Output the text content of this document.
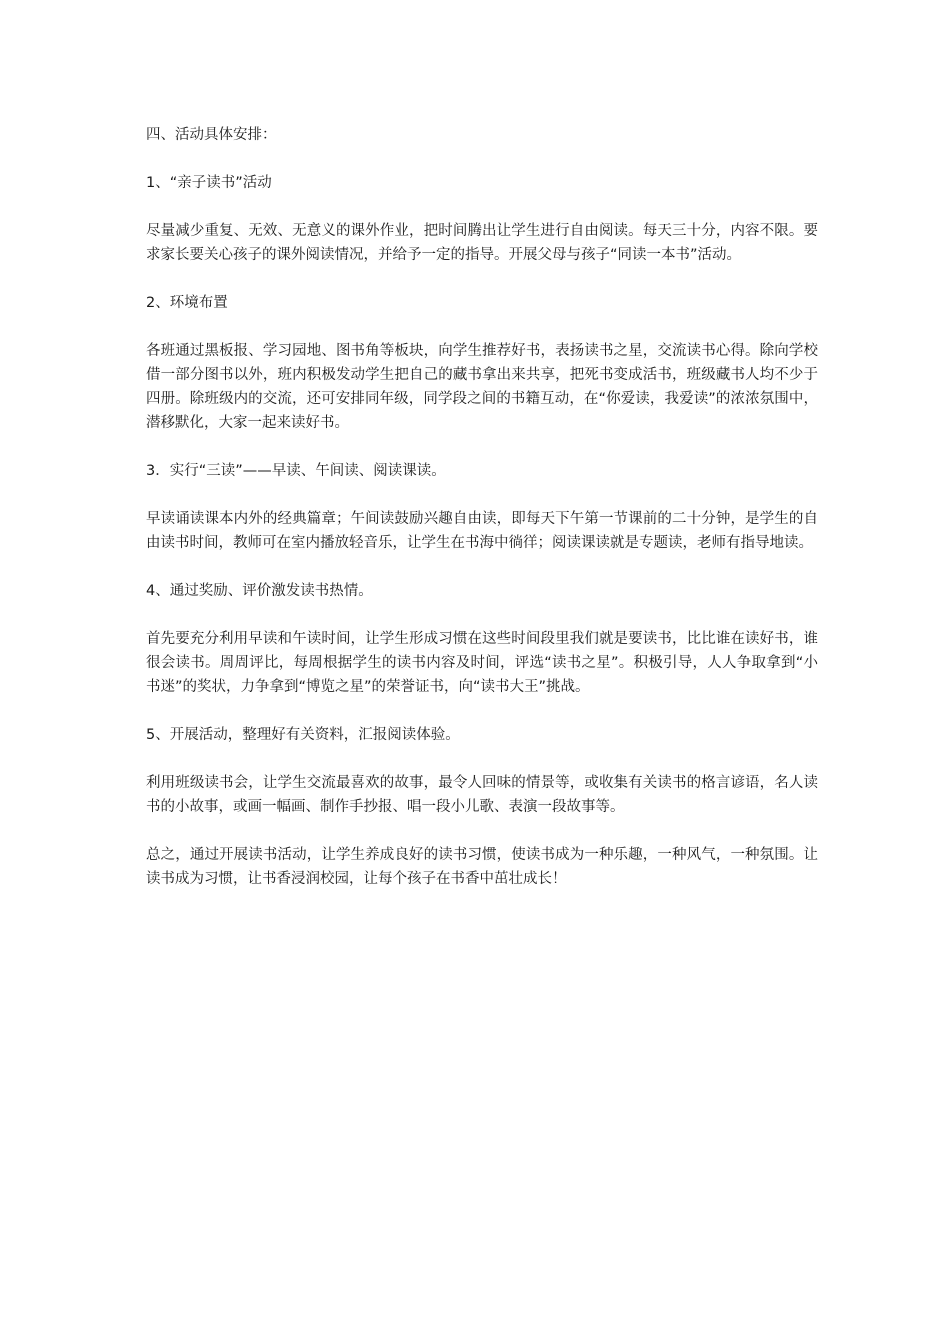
四、活动具体安排：

1、“亲子读书”活动

尽量减少重复、无效、无意义的课外作业，把时间腾出让学生进行自由阅读。每天三十分，内容不限。要求家长要关心孩子的课外阅读情况，并给予一定的指导。开展父母与孩子“同读一本书”活动。

2、环境布置

各班通过黑板报、学习园地、图书角等板块，向学生推荐好书，表扬读书之星，交流读书心得。除向学校借一部分图书以外，班内积极发动学生把自己的藏书拿出来共享，把死书变成活书，班级藏书人均不少于四册。除班级内的交流，还可安排同年级，同学段之间的书籍互动，在“你爱读，我爱读”的浓浓氛围中，潜移默化，大家一起来读好书。

3．实行“三读”——早读、午间读、阅读课读。

早读诵读课本内外的经典篇章；午间读鼓励兴趣自由读，即每天下午第一节课前的二十分钟，是学生的自由读书时间，教师可在室内播放轻音乐，让学生在书海中徜徉；阅读课读就是专题读，老师有指导地读。

4、通过奖励、评价激发读书热情。

首先要充分利用早读和午读时间，让学生形成习惯在这些时间段里我们就是要读书，比比谁在读好书，谁很会读书。周周评比，每周根据学生的读书内容及时间，评选“读书之星”。积极引导，人人争取拿到“小书迷”的奖状，力争拿到“博览之星”的荣誉证书，向“读书大王”挑战。

5、开展活动，整理好有关资料，汇报阅读体验。

利用班级读书会，让学生交流最喜欢的故事，最令人回味的情景等，或收集有关读书的格言谚语，名人读书的小故事，或画一幅画、制作手抄报、唱一段小儿歌、表演一段故事等。

总之，通过开展读书活动，让学生养成良好的读书习惯，使读书成为一种乐趣，一种风气，一种氛围。让读书成为习惯，让书香浸润校园，让每个孩子在书香中茁壮成长！
